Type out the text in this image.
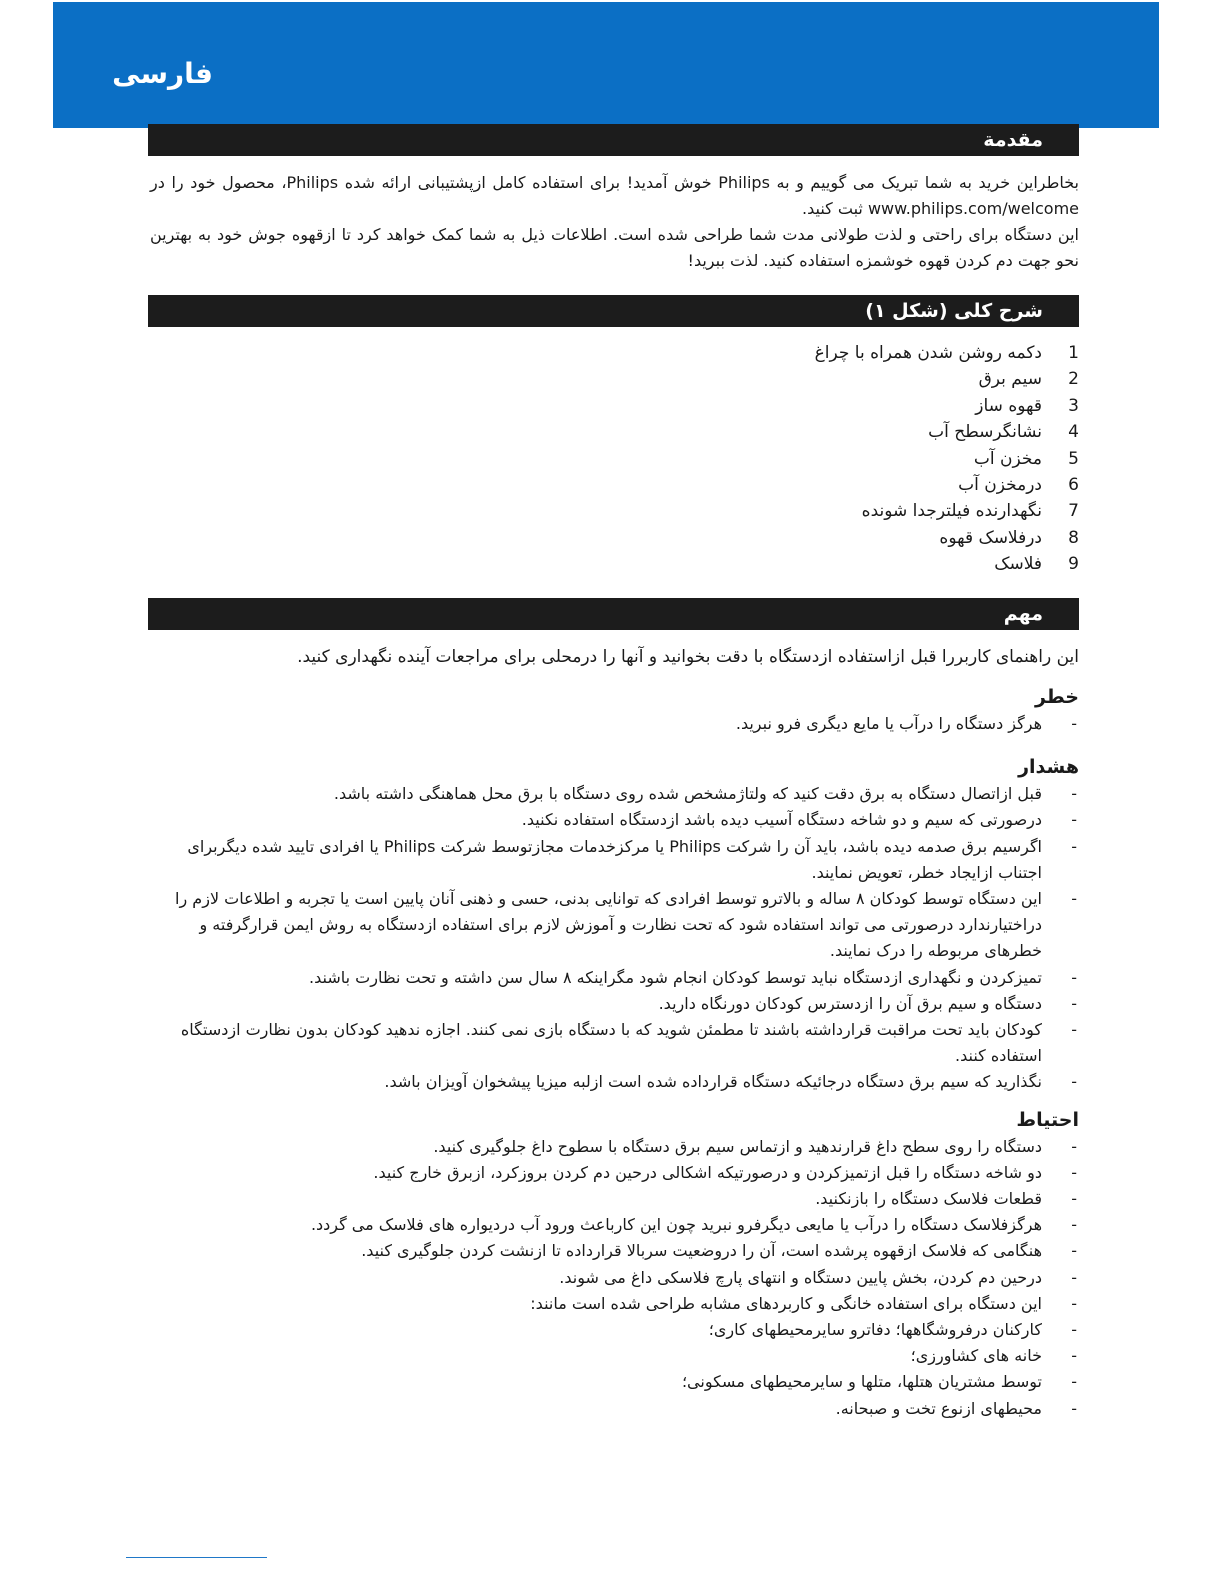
فارسی
مقدمة

بخاطراین خرید به شما تبریک می گوییم و به Philips خوش آمدید! برای استفاده کامل ازپشتیبانی ارائه شده Philips، محصول خود را در www.philips.com/welcome ثبت کنید.

این دستگاه برای راحتی و لذت طولانی مدت شما طراحی شده است. اطلاعات ذیل به شما کمک خواهد کرد تا ازقهوه جوش خود به بهترین نحو جهت دم کردن قهوه خوشمزه استفاده کنید. لذت ببرید!

شرح کلی (شکل ۱)
1
دکمه روشن شدن همراه با چراغ
2
سیم برق
3
قهوه ساز
4
نشانگرسطح آب
5
مخزن آب
6
درمخزن آب
7
نگهدارنده فیلترجدا شونده
8
درفلاسک قهوه
9
فلاسک
مهم

این راهنمای کاربررا قبل ازاستفاده ازدستگاه با دقت بخوانید و آنها را درمحلی برای مراجعات آینده نگهداری کنید.

خطر
-
هرگز دستگاه را درآب یا مایع دیگری فرو نبرید.
هشدار
-
قبل ازاتصال دستگاه به برق دقت کنید که ولتاژمشخص شده روی دستگاه با برق محل هماهنگی داشته باشد.
-
درصورتی که سیم و دو شاخه دستگاه آسیب دیده باشد ازدستگاه استفاده نکنید.
-
اگرسیم برق صدمه دیده باشد، باید آن را شرکت Philips یا مرکزخدمات مجازتوسط شرکت Philips یا افرادی تایید شده دیگربرای اجتناب ازایجاد خطر، تعویض نمایند.
-
این دستگاه توسط کودکان ۸ ساله و بالاترو توسط افرادی که توانایی بدنی، حسی و ذهنی آنان پایین است یا تجربه و اطلاعات لازم را دراختیارندارد درصورتی می تواند استفاده شود که تحت نظارت و آموزش لازم برای استفاده ازدستگاه به روش ایمن قرارگرفته و خطرهای مربوطه را درک نمایند.
-
تمیزکردن و نگهداری ازدستگاه نباید توسط کودکان انجام شود مگراینکه ۸ سال سن داشته و تحت نظارت باشند.
-
دستگاه و سیم برق آن را ازدسترس کودکان دورنگاه دارید.
-
کودکان باید تحت مراقبت قرارداشته باشند تا مطمئن شوید که با دستگاه بازی نمی کنند. اجازه ندهید کودکان بدون نظارت ازدستگاه استفاده کنند.
-
نگذارید که سیم برق دستگاه درجائیکه دستگاه قرارداده شده است ازلبه میزیا پیشخوان آویزان باشد.
احتیاط
-
دستگاه را روی سطح داغ قرارندهید و ازتماس سیم برق دستگاه با سطوح داغ جلوگیری کنید.
-
دو شاخه دستگاه را قبل ازتمیزکردن و درصورتیکه اشکالی درحین دم کردن بروزکرد، ازبرق خارج کنید.
-
قطعات فلاسک دستگاه را بازنکنید.
-
هرگزفلاسک دستگاه را درآب یا مایعی دیگرفرو نبرید چون این کارباعث ورود آب دردیواره های فلاسک می گردد.
-
هنگامی که فلاسک ازقهوه پرشده است، آن را دروضعیت سربالا قرارداده تا ازنشت کردن جلوگیری کنید.
-
درحین دم کردن، بخش پایین دستگاه و انتهای پارچ فلاسکی داغ می شوند.
-
این دستگاه برای استفاده خانگی و کاربردهای مشابه طراحی شده است مانند:
-
کارکنان درفروشگاهها؛ دفاترو سایرمحیطهای کاری؛
-
خانه های کشاورزی؛
-
توسط مشتریان هتلها، متلها و سایرمحیطهای مسکونی؛
-
محیطهای ازنوع تخت و صبحانه.
